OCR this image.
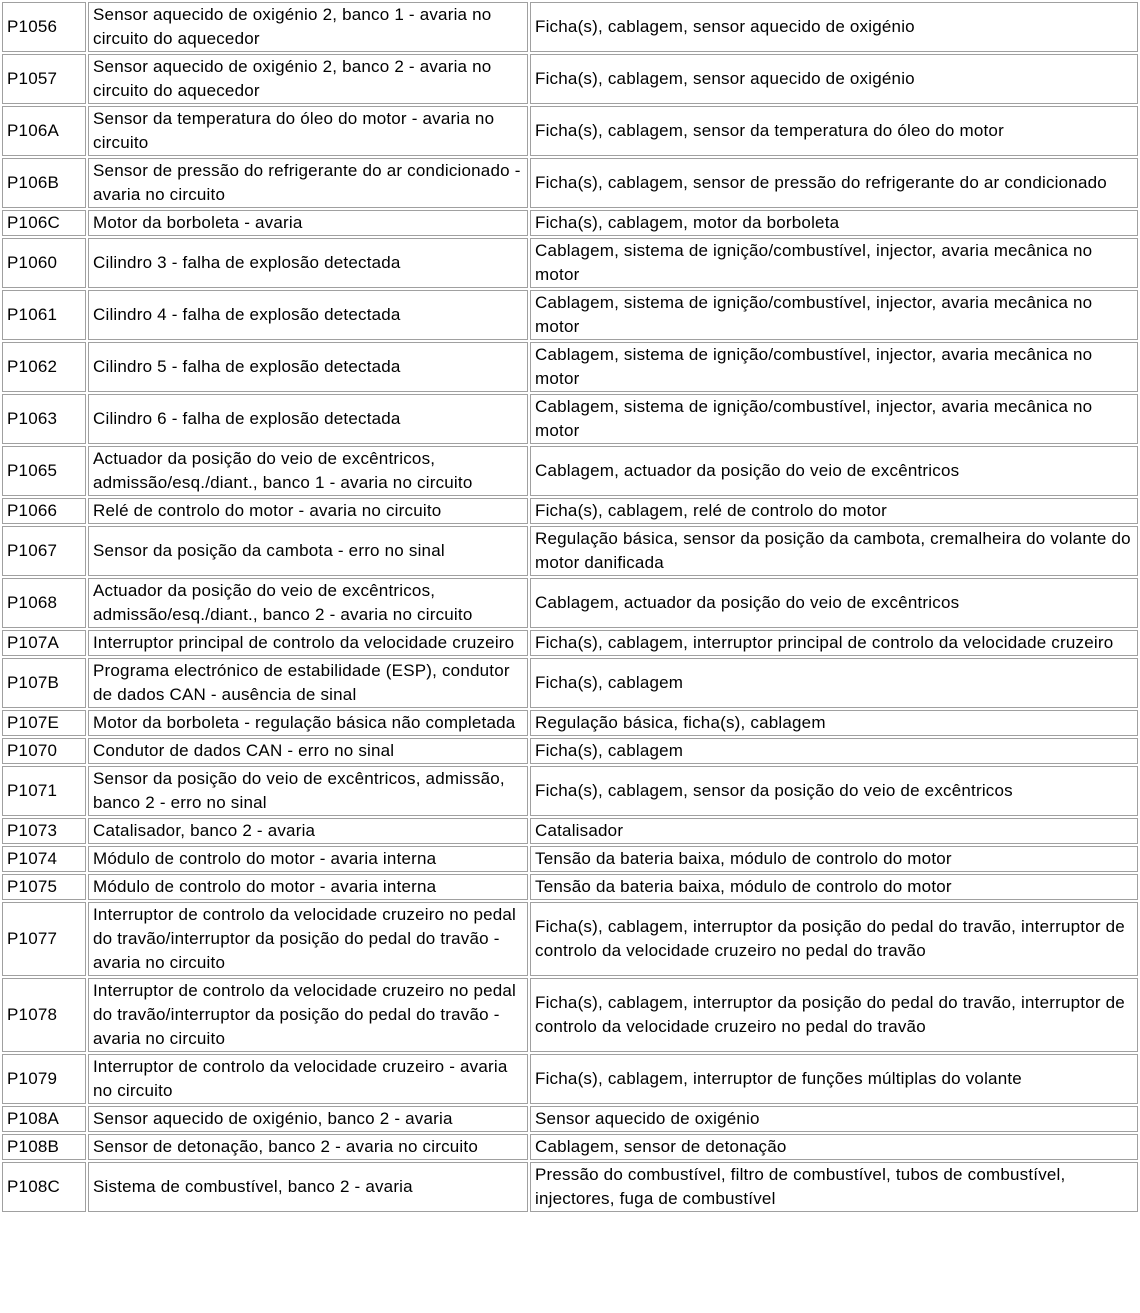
P1056	Sensor aquecido de oxigénio 2, banco 1 - avaria no circuito do aquecedor	Ficha(s), cablagem, sensor aquecido de oxigénio
P1057	Sensor aquecido de oxigénio 2, banco 2 - avaria no circuito do aquecedor	Ficha(s), cablagem, sensor aquecido de oxigénio
P106A	Sensor da temperatura do óleo do motor - avaria no circuito	Ficha(s), cablagem, sensor da temperatura do óleo do motor
P106B	Sensor de pressão do refrigerante do ar condicionado - avaria no circuito	Ficha(s), cablagem, sensor de pressão do refrigerante do ar condicionado
P106C	Motor da borboleta - avaria	Ficha(s), cablagem, motor da borboleta
P1060	Cilindro 3 - falha de explosão detectada	Cablagem, sistema de ignição/combustível, injector, avaria mecânica no motor
P1061	Cilindro 4 - falha de explosão detectada	Cablagem, sistema de ignição/combustível, injector, avaria mecânica no motor
P1062	Cilindro 5 - falha de explosão detectada	Cablagem, sistema de ignição/combustível, injector, avaria mecânica no motor
P1063	Cilindro 6 - falha de explosão detectada	Cablagem, sistema de ignição/combustível, injector, avaria mecânica no motor
P1065	Actuador da posição do veio de excêntricos, admissão/esq./diant., banco 1 - avaria no circuito	Cablagem, actuador da posição do veio de excêntricos
P1066	Relé de controlo do motor - avaria no circuito	Ficha(s), cablagem, relé de controlo do motor
P1067	Sensor da posição da cambota - erro no sinal	Regulação básica, sensor da posição da cambota, cremalheira do volante do motor danificada
P1068	Actuador da posição do veio de excêntricos, admissão/esq./diant., banco 2 - avaria no circuito	Cablagem, actuador da posição do veio de excêntricos
P107A	Interruptor principal de controlo da velocidade cruzeiro	Ficha(s), cablagem, interruptor principal de controlo da velocidade cruzeiro
P107B	Programa electrónico de estabilidade (ESP), condutor de dados CAN - ausência de sinal	Ficha(s), cablagem
P107E	Motor da borboleta - regulação básica não completada	Regulação básica, ficha(s), cablagem
P1070	Condutor de dados CAN - erro no sinal	Ficha(s), cablagem
P1071	Sensor da posição do veio de excêntricos, admissão, banco 2 - erro no sinal	Ficha(s), cablagem, sensor da posição do veio de excêntricos
P1073	Catalisador, banco 2 - avaria	Catalisador
P1074	Módulo de controlo do motor - avaria interna	Tensão da bateria baixa, módulo de controlo do motor
P1075	Módulo de controlo do motor - avaria interna	Tensão da bateria baixa, módulo de controlo do motor
P1077	Interruptor de controlo da velocidade cruzeiro no pedal do travão/interruptor da posição do pedal do travão - avaria no circuito	Ficha(s), cablagem, interruptor da posição do pedal do travão, interruptor de controlo da velocidade cruzeiro no pedal do travão
P1078	Interruptor de controlo da velocidade cruzeiro no pedal do travão/interruptor da posição do pedal do travão - avaria no circuito	Ficha(s), cablagem, interruptor da posição do pedal do travão, interruptor de controlo da velocidade cruzeiro no pedal do travão
P1079	Interruptor de controlo da velocidade cruzeiro - avaria no circuito	Ficha(s), cablagem, interruptor de funções múltiplas do volante
P108A	Sensor aquecido de oxigénio, banco 2 - avaria	Sensor aquecido de oxigénio
P108B	Sensor de detonação, banco 2 - avaria no circuito	Cablagem, sensor de detonação
P108C	Sistema de combustível, banco 2 - avaria	Pressão do combustível, filtro de combustível, tubos de combustível, injectores, fuga de combustível
